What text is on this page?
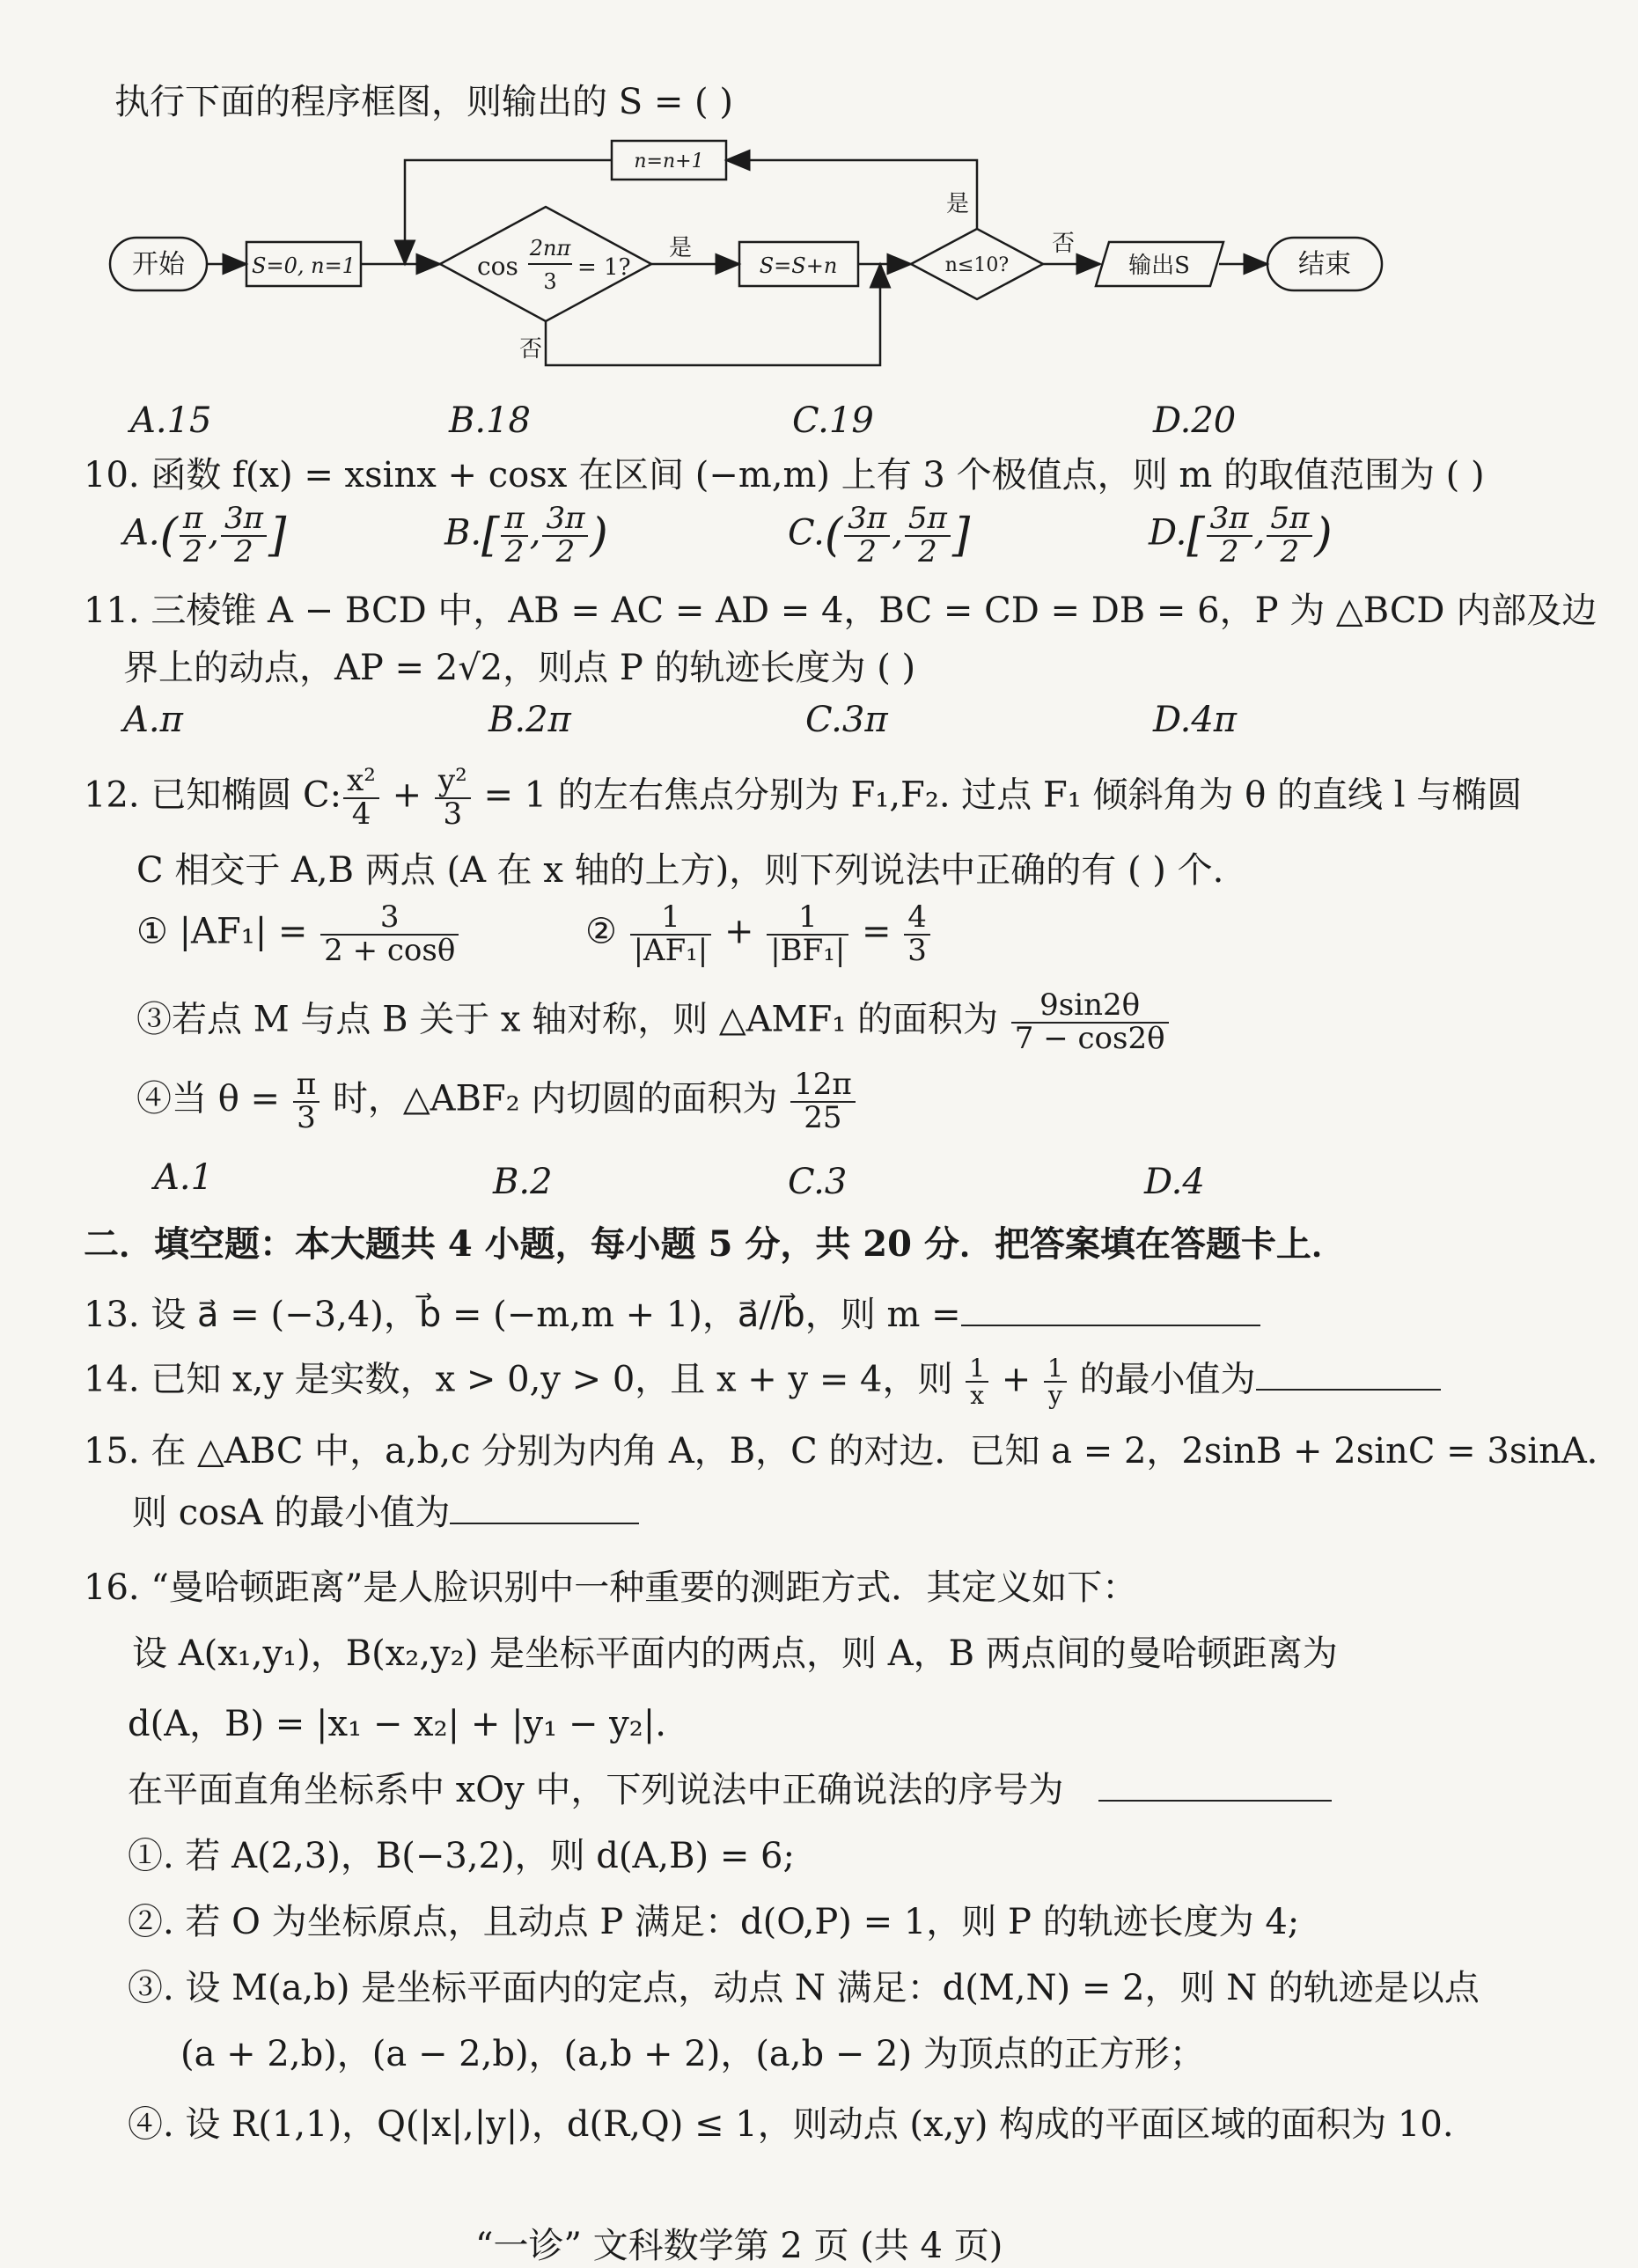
执行下面的程序框图，则输出的 S = ( )
开始	S=0, n=1	cos
2nπ
3
= 1?
是
否
S=S+n	n≤10?
是
否
n=n+1
输出S	结束
A.15	B.18	C.19	D.20
10. 函数 f(x) = xsinx + cosx 在区间 (−m,m) 上有 3 个极值点，则 m 的取值范围为 ( )
$A.( \frac{\pi}{2}$ , $\frac{3\pi}{2}$ ]	$B.[ \frac{\pi}{2}$ , $\frac{3\pi}{2}$ )	$C.( \frac{3\pi}{2}$ , $\frac{5\pi}{2}$ ]	$D.[ \frac{3\pi}{2}$ , $\frac{5\pi}{2}$ )
11. 三棱锥 A − BCD 中，AB = AC = AD = 4，BC = CD = DB = 6，P 为 △BCD 内部及边
界上的动点，AP = 2√2，则点 P 的轨迹长度为 ( )
A.π	B.2π	C.3π	D.4π
12. 已知椭圆 C: $\frac{\text{x²}}{4} + \frac{\text{y²}}{3} = 1$ 的左右焦点分别为 F₁,F₂. 过点 F₁ 倾斜角为 θ 的直线 l 与椭圆
C 相交于 A,B 两点 (A 在 x 轴的上方)，则下列说法中正确的有 ( ) 个.
① $|AF_1| = \frac{3}{2 + \cos\theta}$	② $\frac{1}{\text{|AF₁|}} + \frac{1}{\text{|BF₁|}} = \frac{4}{3}$
③若点 M 与点 B 关于 x 轴对称，则 △AMF₁ 的面积为 $\frac{9\sin 2\theta}{7 - \cos 2\theta}$
④当 $\theta = \frac{\pi}{3}$ 时，△ABF₂ 内切圆的面积为 $\frac{12\pi}{25}$
A.1	B.2	C.3	D.4
二．填空题：本大题共 4 小题，每小题 5 分，共 20 分．把答案填在答题卡上．
13. 设 a⃗ = (−3,4)，b⃗ = (−m,m + 1)，a⃗//b⃗，则 m =
14. 已知 x,y 是实数，x > 0,y > 0，且 x + y = 4，则 $\frac{1}{x} + \frac{1}{y}$ 的最小值为
15. 在 △ABC 中，a,b,c 分别为内角 A，B，C 的对边．已知 a = 2，2sinB + 2sinC = 3sinA．
则 cosA 的最小值为
16. “曼哈顿距离”是人脸识别中一种重要的测距方式．其定义如下：
设 A(x₁,y₁)，B(x₂,y₂) 是坐标平面内的两点，则 A，B 两点间的曼哈顿距离为
d(A，B) = |x₁ − x₂| + |y₁ − y₂|.
在平面直角坐标系中 xOy 中，下列说法中正确说法的序号为
①. 若 A(2,3)，B(−3,2)，则 d(A,B) = 6;
②. 若 O 为坐标原点，且动点 P 满足：d(O,P) = 1，则 P 的轨迹长度为 4;
③. 设 M(a,b) 是坐标平面内的定点，动点 N 满足：d(M,N) = 2，则 N 的轨迹是以点
(a + 2,b)，(a − 2,b)，(a,b + 2)，(a,b − 2) 为顶点的正方形；
④. 设 R(1,1)，Q(|x|,|y|)，d(R,Q) ≤ 1，则动点 (x,y) 构成的平面区域的面积为 10.
“一诊” 文科数学第 2 页 (共 4 页)
